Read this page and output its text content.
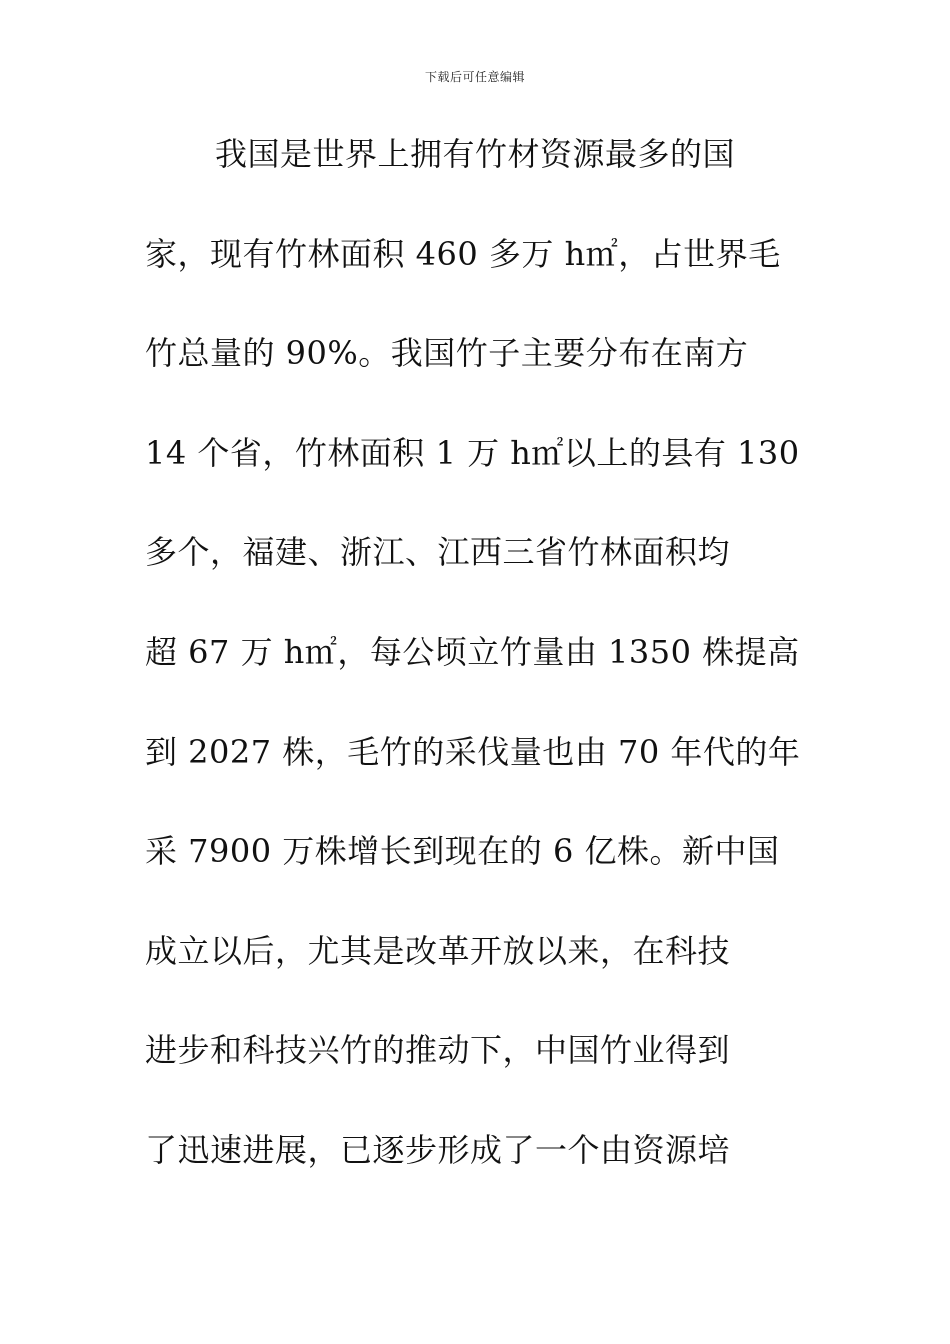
下载后可任意编辑
我国是世界上拥有竹材资源最多的国
家，现有竹林面积 460 多万 h㎡，占世界毛
竹总量的 90%。我国竹子主要分布在南方
14 个省，竹林面积 1 万 h㎡以上的县有 130
多个，福建、浙江、江西三省竹林面积均
超 67 万 h㎡，每公顷立竹量由 1350 株提高
到 2027 株，毛竹的采伐量也由 70 年代的年
采 7900 万株增长到现在的 6 亿株。新中国
成立以后，尤其是改革开放以来，在科技
进步和科技兴竹的推动下，中国竹业得到
了迅速进展，已逐步形成了一个由资源培
